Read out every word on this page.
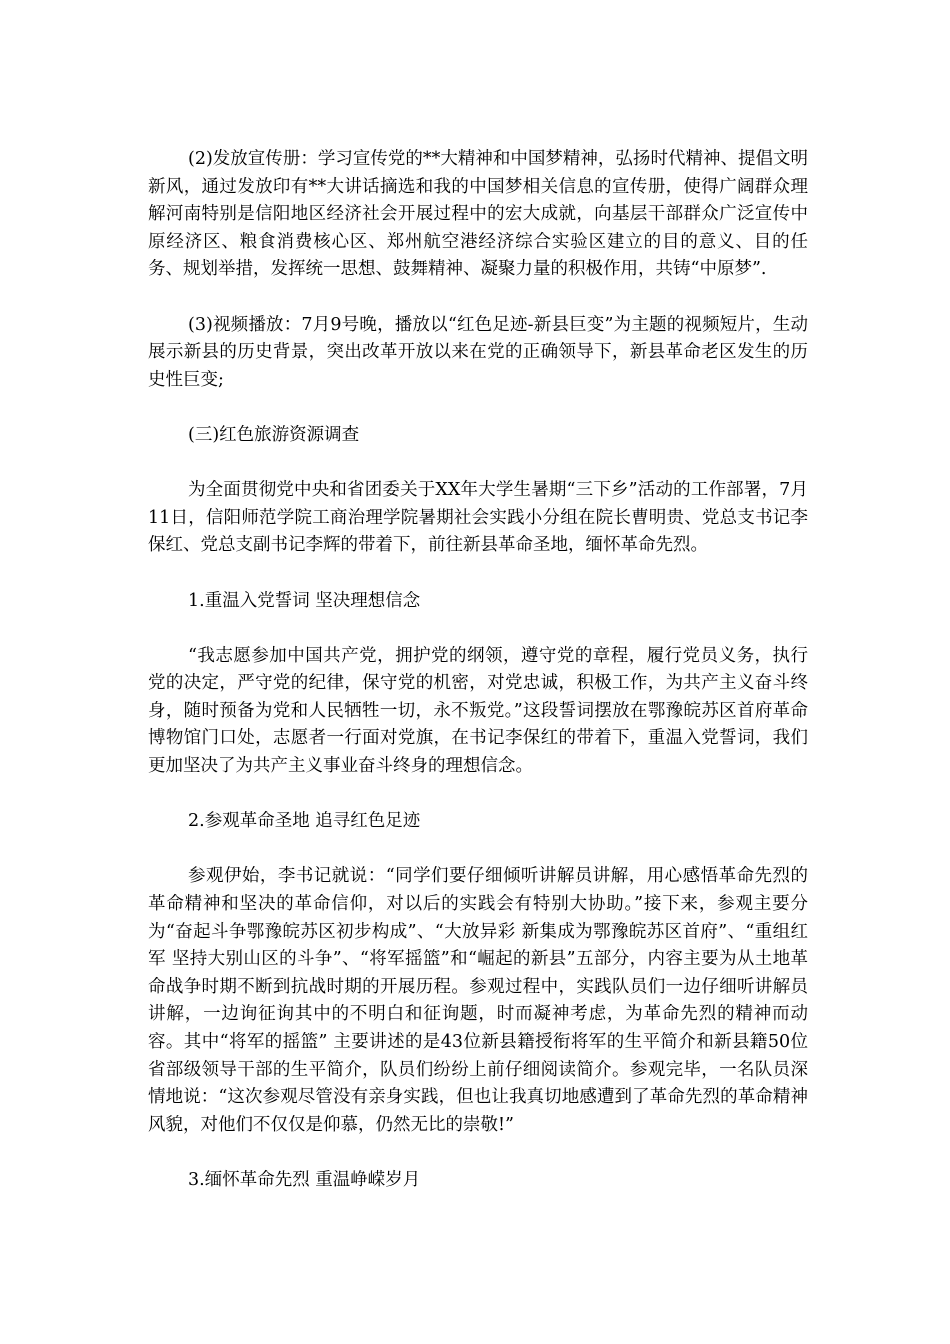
(2)发放宣传册：学习宣传党的**大精神和中国梦精神，弘扬时代精神、提倡文明新风，通过发放印有**大讲话摘选和我的中国梦相关信息的宣传册，使得广阔群众理解河南特别是信阳地区经济社会开展过程中的宏大成就，向基层干部群众广泛宣传中原经济区、粮食消费核心区、郑州航空港经济综合实验区建立的目的意义、目的任务、规划举措，发挥统一思想、鼓舞精神、凝聚力量的积极作用，共铸“中原梦”.

(3)视频播放：7月9号晚，播放以“红色足迹-新县巨变”为主题的视频短片，生动展示新县的历史背景，突出改革开放以来在党的正确领导下，新县革命老区发生的历史性巨变;

(三)红色旅游资源调查

为全面贯彻党中央和省团委关于XX年大学生暑期“三下乡”活动的工作部署，7月11日，信阳师范学院工商治理学院暑期社会实践小分组在院长曹明贵、党总支书记李保红、党总支副书记李辉的带着下，前往新县革命圣地，缅怀革命先烈。

1.重温入党誓词 坚决理想信念

“我志愿参加中国共产党，拥护党的纲领，遵守党的章程，履行党员义务，执行党的决定，严守党的纪律，保守党的机密，对党忠诚，积极工作，为共产主义奋斗终身，随时预备为党和人民牺牲一切，永不叛党。”这段誓词摆放在鄂豫皖苏区首府革命博物馆门口处，志愿者一行面对党旗，在书记李保红的带着下，重温入党誓词，我们更加坚决了为共产主义事业奋斗终身的理想信念。

2.参观革命圣地 追寻红色足迹

参观伊始，李书记就说：“同学们要仔细倾听讲解员讲解，用心感悟革命先烈的革命精神和坚决的革命信仰，对以后的实践会有特别大协助。”接下来，参观主要分为“奋起斗争鄂豫皖苏区初步构成”、“大放异彩 新集成为鄂豫皖苏区首府”、“重组红军 坚持大别山区的斗争”、“将军摇篮”和“崛起的新县”五部分，内容主要为从土地革命战争时期不断到抗战时期的开展历程。参观过程中，实践队员们一边仔细听讲解员讲解，一边询征询其中的不明白和征询题，时而凝神考虑，为革命先烈的精神而动容。其中“将军的摇篮” 主要讲述的是43位新县籍授衔将军的生平简介和新县籍50位省部级领导干部的生平简介，队员们纷纷上前仔细阅读简介。参观完毕，一名队员深情地说：“这次参观尽管没有亲身实践，但也让我真切地感遭到了革命先烈的革命精神风貌，对他们不仅仅是仰慕，仍然无比的崇敬!”

3.缅怀革命先烈 重温峥嵘岁月
